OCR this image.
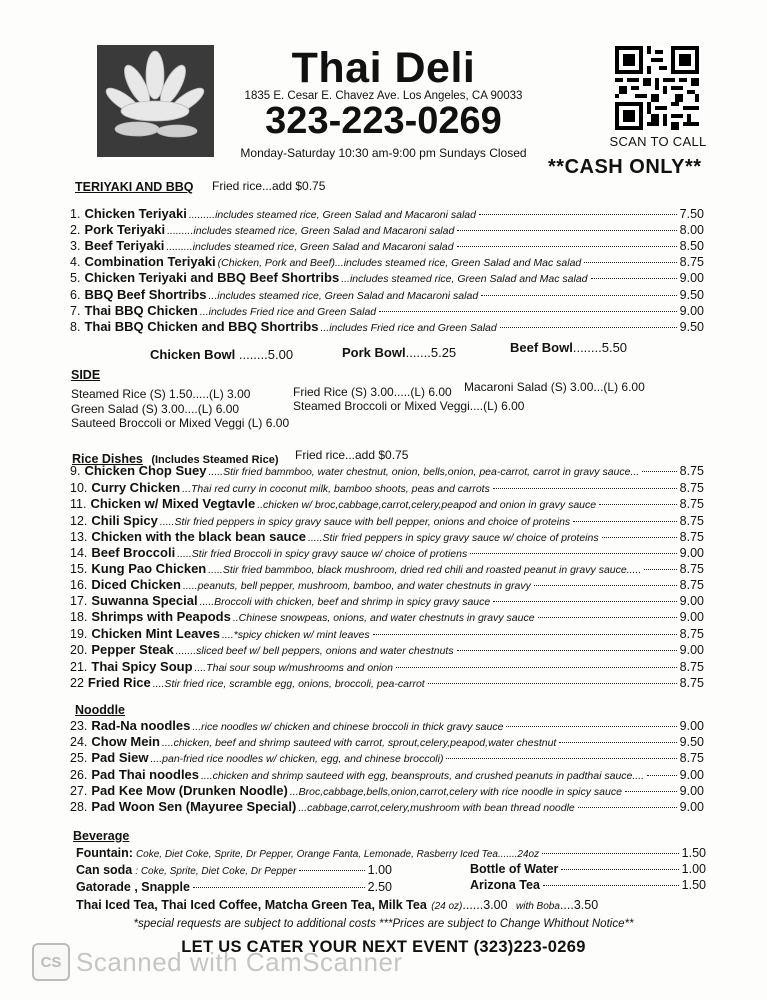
Thai Deli
1835 E. Cesar E. Chavez Ave. Los Angeles, CA 90033
323-223-0269
Monday-Saturday 10:30 am-9:00 pm Sundays Closed
SCAN TO CALL
**CASH ONLY**
TERIYAKI AND BBQ Fried rice...add $0.75
1. Chicken Teriyaki .........includes steamed rice, Green Salad and Macaroni salad	7.50
2. Pork Teriyaki .........includes steamed rice, Green Salad and Macaroni salad	8.00
3. Beef Teriyaki .........includes steamed rice, Green Salad and Macaroni salad	8.50
4. Combination Teriyaki (Chicken, Pork and Beef)...includes steamed rice, Green Salad and Mac salad	8.75
5. Chicken Teriyaki and BBQ Beef Shortribs ...includes steamed rice, Green Salad and Mac salad	9.00
6. BBQ Beef Shortribs ...includes steamed rice, Green Salad and Macaroni salad	9.50
7. Thai BBQ Chicken ...includes Fried rice and Green Salad	9.00
8. Thai BBQ Chicken and BBQ Shortribs ...includes Fried rice and Green Salad	9.50
Chicken Bowl ........5.00	Pork Bowl.......5.25	Beef Bowl........5.50
SIDE
Steamed Rice (S) 1.50.....(L) 3.00
Green Salad (S) 3.00....(L) 6.00
Sauteed Broccoli or Mixed Veggi (L) 6.00
Fried Rice (S) 3.00.....(L) 6.00
Steamed Broccoli or Mixed Veggi....(L) 6.00
Macaroni Salad (S) 3.00...(L) 6.00
Rice Dishes (Includes Steamed Rice) Fried rice...add $0.75
9. Chicken Chop Suey .....Stir fried bammboo, water chestnut, onion, bells,onion, pea-carrot, carrot in gravy sauce...	8.75
10. Curry Chicken ...Thai red curry in coconut milk, bamboo shoots, peas and carrots	8.75
11. Chicken w/ Mixed Vegtavle ..chicken w/ broc,cabbage,carrot,celery,peapod and onion in gravy sauce	8.75
12. Chili Spicy .....Stir fried peppers in spicy gravy sauce with bell pepper, onions and choice of proteins	8.75
13. Chicken with the black bean sauce .....Stir fried peppers in spicy gravy sauce w/ choice of proteins	8.75
14. Beef Broccoli .....Stir fried Broccoli in spicy gravy sauce w/ choice of protiens	9.00
15. Kung Pao Chicken .....Stir fried bammboo, black mushroom, dried red chili and roasted peanut in gravy sauce.....	8.75
16. Diced Chicken .....peanuts, bell pepper, mushroom, bamboo, and water chestnuts in gravy	8.75
17. Suwanna Special .....Broccoli with chicken, beef and shrimp in spicy gravy sauce	9.00
18. Shrimps with Peapods ..Chinese snowpeas, onions, and water chestnuts in gravy sauce	9.00
19. Chicken Mint Leaves ....*spicy chicken w/ mint leaves	8.75
20. Pepper Steak .......sliced beef w/ bell peppers, onions and water chestnuts	9.00
21. Thai Spicy Soup ....Thai sour soup w/mushrooms and onion	8.75
22 Fried Rice ....Stir fried rice, scramble egg, onions, broccoli, pea-carrot	8.75
Nooddle
23. Rad-Na noodles ...rice noodles w/ chicken and chinese broccoli in thick gravy sauce	9.00
24. Chow Mein ....chicken, beef and shrimp sauteed with carrot, sprout,celery,peapod,water chestnut	9.50
25. Pad Siew ....pan-fried rice noodles w/ chicken, egg, and chinese broccoli)	8.75
26. Pad Thai noodles ....chicken and shrimp sauteed with egg, beansprouts, and crushed peanuts in padthai sauce....	9.00
27. Pad Kee Mow (Drunken Noodle) ...Broc,cabbage,bells,onion,carrot,celery with rice noodle in spicy sauce	9.00
28. Pad Woon Sen (Mayuree Special) ...cabbage,carrot,celery,mushroom with bean thread noodle	9.00
Beverage
Fountain: Coke, Diet Coke, Sprite, Dr Pepper, Orange Fanta, Lemonade, Rasberry Iced Tea.......24oz	1.50
Can soda : Coke, Sprite, Diet Coke, Dr Pepper	1.00	Bottle of Water	1.00
Gatorade , Snapple	2.50	Arizona Tea	1.50
Thai Iced Tea, Thai Iced Coffee, Matcha Green Tea, Milk Tea (24 oz)......3.00 with Boba....3.50
*special requests are subject to additional costs ***Prices are subject to Change Whithout Notice**
LET US CATER YOUR NEXT EVENT (323)223-0269
CS Scanned with CamScanner
